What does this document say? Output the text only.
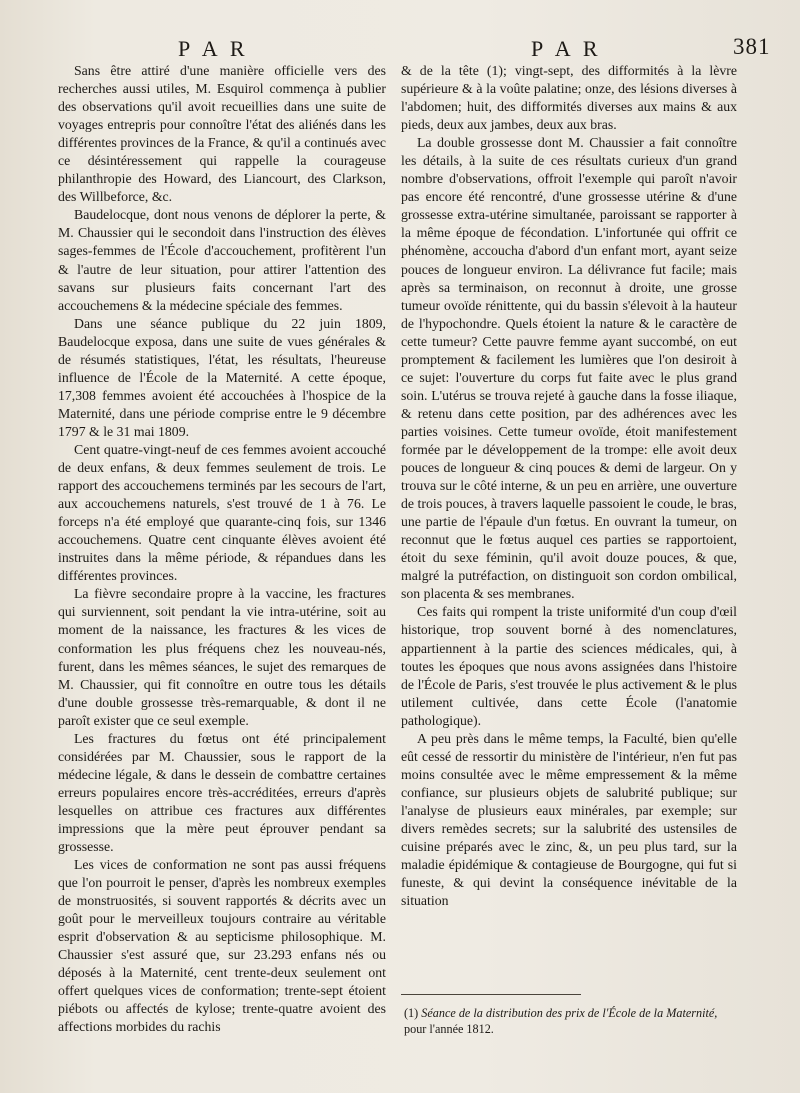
P A R	P A R	381

Sans être attiré d'une manière officielle vers des recherches aussi utiles, M. Esquirol commença à publier des observations qu'il avoit recueillies dans une suite de voyages entrepris pour connoître l'état des aliénés dans les différentes provinces de la France, & qu'il a continués avec ce désintéressement qui rappelle la courageuse philanthropie des Howard, des Liancourt, des Clarkson, des Willbeforce, &c.

Baudelocque, dont nous venons de déplorer la perte, & M. Chaussier qui le secondoit dans l'instruction des élèves sages-femmes de l'École d'accouchement, profitèrent l'un & l'autre de leur situation, pour attirer l'attention des savans sur plusieurs faits concernant l'art des accouchemens & la médecine spéciale des femmes.

Dans une séance publique du 22 juin 1809, Baudelocque exposa, dans une suite de vues générales & de résumés statistiques, l'état, les résultats, l'heureuse influence de l'École de la Maternité. A cette époque, 17,308 femmes avoient été accouchées à l'hospice de la Maternité, dans une période comprise entre le 9 décembre 1797 & le 31 mai 1809.

Cent quatre-vingt-neuf de ces femmes avoient accouché de deux enfans, & deux femmes seulement de trois. Le rapport des accouchemens terminés par les secours de l'art, aux accouchemens naturels, s'est trouvé de 1 à 76. Le forceps n'a été employé que quarante-cinq fois, sur 1346 accouchemens. Quatre cent cinquante élèves avoient été instruites dans la même période, & répandues dans les différentes provinces.

La fièvre secondaire propre à la vaccine, les fractures qui surviennent, soit pendant la vie intra-utérine, soit au moment de la naissance, les fractures & les vices de conformation les plus fréquens chez les nouveau-nés, furent, dans les mêmes séances, le sujet des remarques de M. Chaussier, qui fit connoître en outre tous les détails d'une double grossesse très-remarquable, & dont il ne paroît exister que ce seul exemple.

Les fractures du fœtus ont été principalement considérées par M. Chaussier, sous le rapport de la médecine légale, & dans le dessein de combattre certaines erreurs populaires encore très-accréditées, erreurs d'après lesquelles on attribue ces fractures aux différentes impressions que la mère peut éprouver pendant sa grossesse.

Les vices de conformation ne sont pas aussi fréquens que l'on pourroit le penser, d'après les nombreux exemples de monstruosités, si souvent rapportés & décrits avec un goût pour le merveilleux toujours contraire au véritable esprit d'observation & au septicisme philosophique. M. Chaussier s'est assuré que, sur 23.293 enfans nés ou déposés à la Maternité, cent trente-deux seulement ont offert quelques vices de conformation; trente-sept étoient piébots ou affectés de kylose; trente-quatre avoient des affections morbides du rachis

& de la tête (1); vingt-sept, des difformités à la lèvre supérieure & à la voûte palatine; onze, des lésions diverses à l'abdomen; huit, des difformités diverses aux mains & aux pieds, deux aux jambes, deux aux bras.

La double grossesse dont M. Chaussier a fait connoître les détails, à la suite de ces résultats curieux d'un grand nombre d'observations, offroit l'exemple qui paroît n'avoir pas encore été rencontré, d'une grossesse utérine & d'une grossesse extra-utérine simultanée, paroissant se rapporter à la même époque de fécondation. L'infortunée qui offrit ce phénomène, accoucha d'abord d'un enfant mort, ayant seize pouces de longueur environ. La délivrance fut facile; mais après sa terminaison, on reconnut à droite, une grosse tumeur ovoïde rénittente, qui du bassin s'élevoit à la hauteur de l'hypochondre. Quels étoient la nature & le caractère de cette tumeur? Cette pauvre femme ayant succombé, on eut promptement & facilement les lumières que l'on desiroit à ce sujet: l'ouverture du corps fut faite avec le plus grand soin. L'utérus se trouva rejeté à gauche dans la fosse iliaque, & retenu dans cette position, par des adhérences avec les parties voisines. Cette tumeur ovoïde, étoit manifestement formée par le développement de la trompe: elle avoit deux pouces de longueur & cinq pouces & demi de largeur. On y trouva sur le côté interne, & un peu en arrière, une ouverture de trois pouces, à travers laquelle passoient le coude, le bras, une partie de l'épaule d'un fœtus. En ouvrant la tumeur, on reconnut que le fœtus auquel ces parties se rapportoient, étoit du sexe féminin, qu'il avoit douze pouces, & que, malgré la putréfaction, on distinguoit son cordon ombilical, son placenta & ses membranes.

Ces faits qui rompent la triste uniformité d'un coup d'œil historique, trop souvent borné à des nomenclatures, appartiennent à la partie des sciences médicales, qui, à toutes les époques que nous avons assignées dans l'histoire de l'École de Paris, s'est trouvée le plus activement & le plus utilement cultivée, dans cette École (l'anatomie pathologique).

A peu près dans le même temps, la Faculté, bien qu'elle eût cessé de ressortir du ministère de l'intérieur, n'en fut pas moins consultée avec le même empressement & la même confiance, sur plusieurs objets de salubrité publique; sur l'analyse de plusieurs eaux minérales, par exemple; sur divers remèdes secrets; sur la salubrité des ustensiles de cuisine préparés avec le zinc, &, un peu plus tard, sur la maladie épidémique & contagieuse de Bourgogne, qui fut si funeste, & qui devint la conséquence inévitable de la situation

(1) Séance de la distribution des prix de l'École de la Maternité, pour l'année 1812.
